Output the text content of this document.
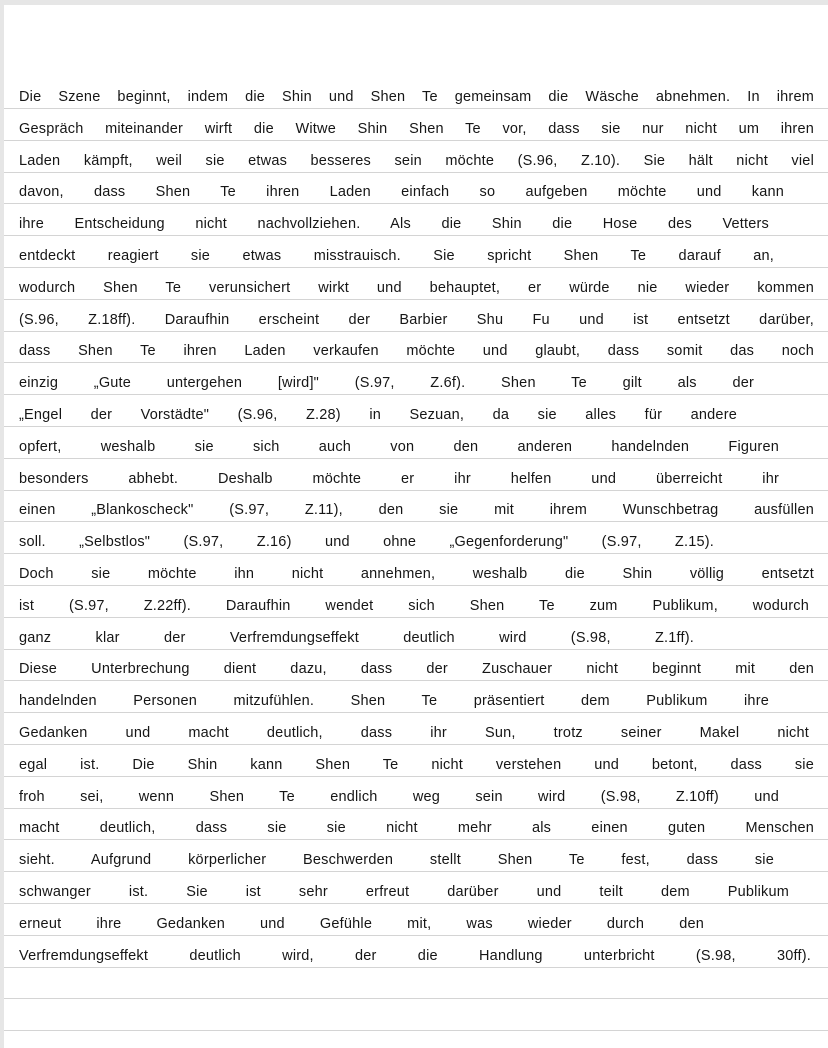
Die Szene beginnt, indem die Shin und Shen Te gemeinsam die Wäsche abnehmen. In ihrem
Gespräch miteinander wirft die Witwe Shin Shen Te vor, dass sie nur nicht um ihren
Laden kämpft, weil sie etwas besseres sein möchte (S.96, Z.10). Sie hält nicht viel
davon, dass Shen Te ihren Laden einfach so aufgeben möchte und kann
ihre Entscheidung nicht nachvollziehen. Als die Shin die Hose des Vetters
entdeckt reagiert sie etwas misstrauisch. Sie spricht Shen Te darauf an,
wodurch Shen Te verunsichert wirkt und behauptet, er würde nie wieder kommen
(S.96, Z.18ff). Daraufhin erscheint der Barbier Shu Fu und ist entsetzt darüber,
dass Shen Te ihren Laden verkaufen möchte und glaubt, dass somit das noch
einzig „Gute untergehen [wird]" (S.97, Z.6f). Shen Te gilt als der
„Engel der Vorstädte" (S.96, Z.28) in Sezuan, da sie alles für andere
opfert, weshalb sie sich auch von den anderen handelnden Figuren
besonders abhebt. Deshalb möchte er ihr helfen und überreicht ihr
einen „Blankoscheck" (S.97, Z.11), den sie mit ihrem Wunschbetrag ausfüllen
soll. „Selbstlos" (S.97, Z.16) und ohne „Gegenforderung" (S.97, Z.15).
Doch sie möchte ihn nicht annehmen, weshalb die Shin völlig entsetzt
ist (S.97, Z.22ff). Daraufhin wendet sich Shen Te zum Publikum, wodurch
ganz klar der Verfremdungseffekt deutlich wird (S.98, Z.1ff).
Diese Unterbrechung dient dazu, dass der Zuschauer nicht beginnt mit den
handelnden Personen mitzufühlen. Shen Te präsentiert dem Publikum ihre
Gedanken und macht deutlich, dass ihr Sun, trotz seiner Makel nicht
egal ist. Die Shin kann Shen Te nicht verstehen und betont, dass sie
froh sei, wenn Shen Te endlich weg sein wird (S.98, Z.10ff) und
macht deutlich, dass sie sie nicht mehr als einen guten Menschen
sieht. Aufgrund körperlicher Beschwerden stellt Shen Te fest, dass sie
schwanger ist. Sie ist sehr erfreut darüber und teilt dem Publikum
erneut ihre Gedanken und Gefühle mit, was wieder durch den
Verfremdungseffekt deutlich wird, der die Handlung unterbricht (S.98, 30ff).
